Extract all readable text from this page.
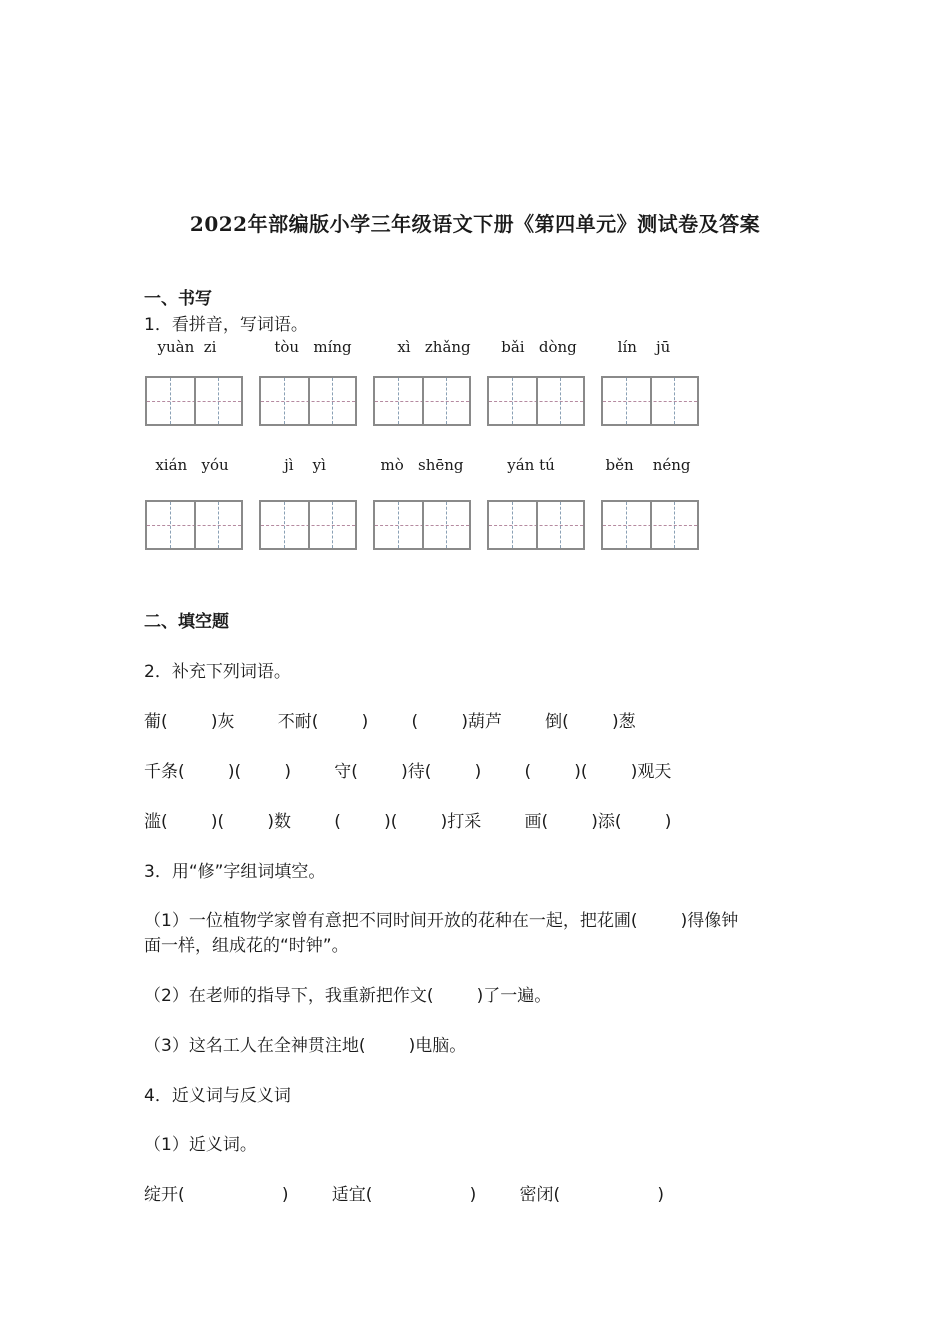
2022年部编版小学三年级语文下册《第四单元》测试卷及答案
一、书写
1．看拼音，写词语。
yuàn  zi	tòu   míng	xì   zhǎng	bǎi   dòng	lín    jū
xián   yóu	jì    yì	mò   shēng	yán tú	běn    néng
二、填空题
2．补充下列词语。
葡(        )灰        不耐(        )        (        )葫芦        倒(        )葱
千条(        )(        )        守(        )待(        )        (        )(        )观天
滥(        )(        )数        (        )(        )打采        画(        )添(        )
3．用“修”字组词填空。
（1）一位植物学家曾有意把不同时间开放的花种在一起，把花圃(        )得像钟
面一样，组成花的“时钟”。
（2）在老师的指导下，我重新把作文(        )了一遍。
（3）这名工人在全神贯注地(        )电脑。
4．近义词与反义词
（1）近义词。
绽开(                  )        适宜(                  )        密闭(                  )
